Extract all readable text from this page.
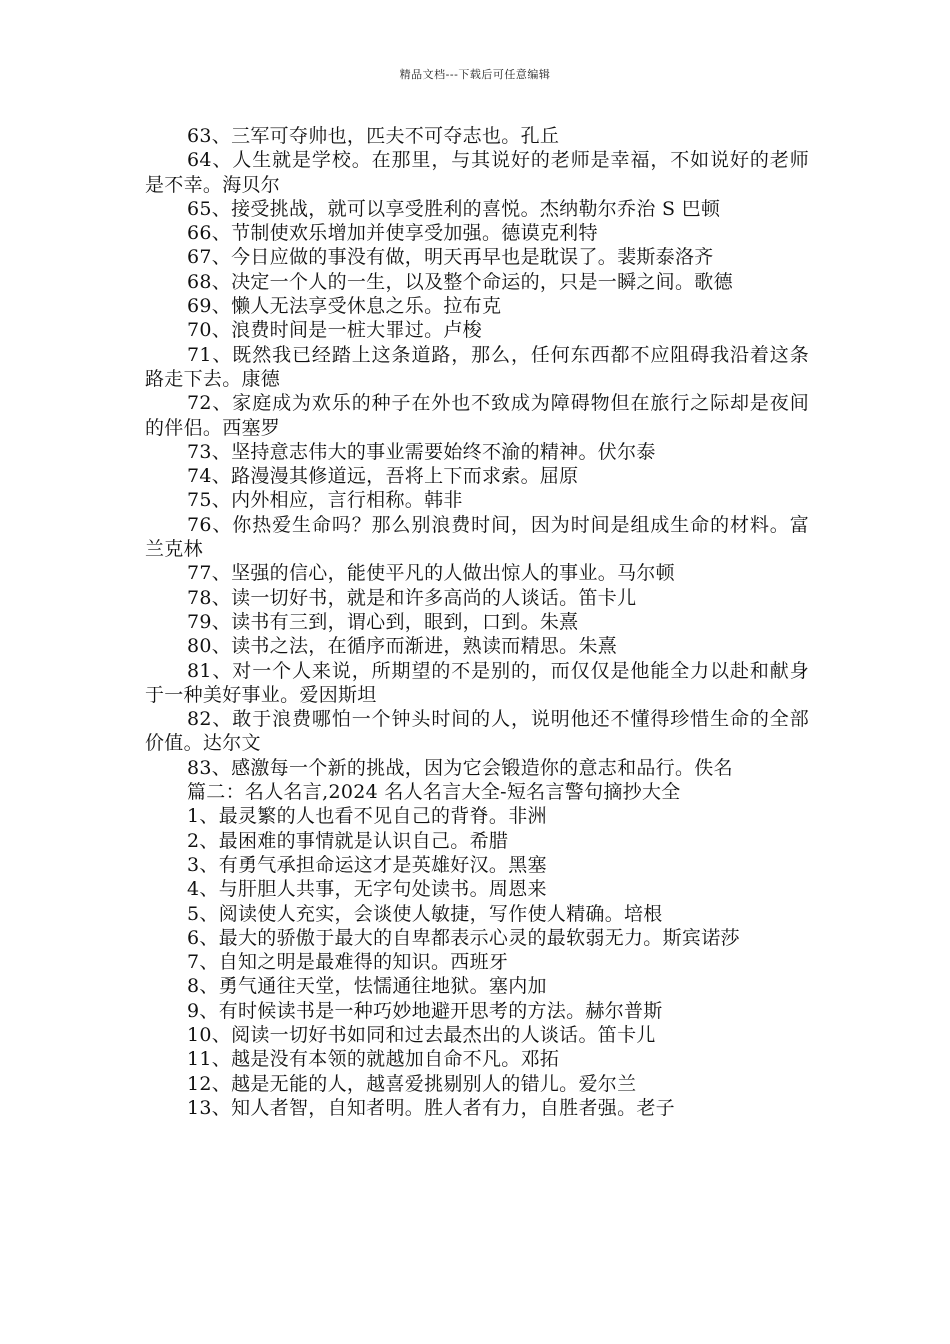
精品文档---下载后可任意编辑

63、三军可夺帅也，匹夫不可夺志也。孔丘

64、人生就是学校。在那里，与其说好的老师是幸福，不如说好的老师是不幸。海贝尔

65、接受挑战，就可以享受胜利的喜悦。杰纳勒尔乔治 S 巴顿

66、节制使欢乐增加并使享受加强。德谟克利特

67、今日应做的事没有做，明天再早也是耽误了。裴斯泰洛齐

68、决定一个人的一生，以及整个命运的，只是一瞬之间。歌德

69、懒人无法享受休息之乐。拉布克

70、浪费时间是一桩大罪过。卢梭

71、既然我已经踏上这条道路，那么，任何东西都不应阻碍我沿着这条路走下去。康德

72、家庭成为欢乐的种子在外也不致成为障碍物但在旅行之际却是夜间的伴侣。西塞罗

73、坚持意志伟大的事业需要始终不渝的精神。伏尔泰

74、路漫漫其修道远，吾将上下而求索。屈原

75、内外相应，言行相称。韩非

76、你热爱生命吗？那么别浪费时间，因为时间是组成生命的材料。富兰克林

77、坚强的信心，能使平凡的人做出惊人的事业。马尔顿

78、读一切好书，就是和许多高尚的人谈话。笛卡儿

79、读书有三到，谓心到，眼到，口到。朱熹

80、读书之法，在循序而渐进，熟读而精思。朱熹

81、对一个人来说，所期望的不是别的，而仅仅是他能全力以赴和献身于一种美好事业。爱因斯坦

82、敢于浪费哪怕一个钟头时间的人，说明他还不懂得珍惜生命的全部价值。达尔文

83、感激每一个新的挑战，因为它会锻造你的意志和品行。佚名

篇二：名人名言,2024 名人名言大全-短名言警句摘抄大全

1、最灵繁的人也看不见自己的背脊。非洲

2、最困难的事情就是认识自己。希腊

3、有勇气承担命运这才是英雄好汉。黑塞

4、与肝胆人共事，无字句处读书。周恩来

5、阅读使人充实，会谈使人敏捷，写作使人精确。培根

6、最大的骄傲于最大的自卑都表示心灵的最软弱无力。斯宾诺莎

7、自知之明是最难得的知识。西班牙

8、勇气通往天堂，怯懦通往地狱。塞内加

9、有时候读书是一种巧妙地避开思考的方法。赫尔普斯

10、阅读一切好书如同和过去最杰出的人谈话。笛卡儿

11、越是没有本领的就越加自命不凡。邓拓

12、越是无能的人，越喜爱挑剔别人的错儿。爱尔兰

13、知人者智，自知者明。胜人者有力，自胜者强。老子
